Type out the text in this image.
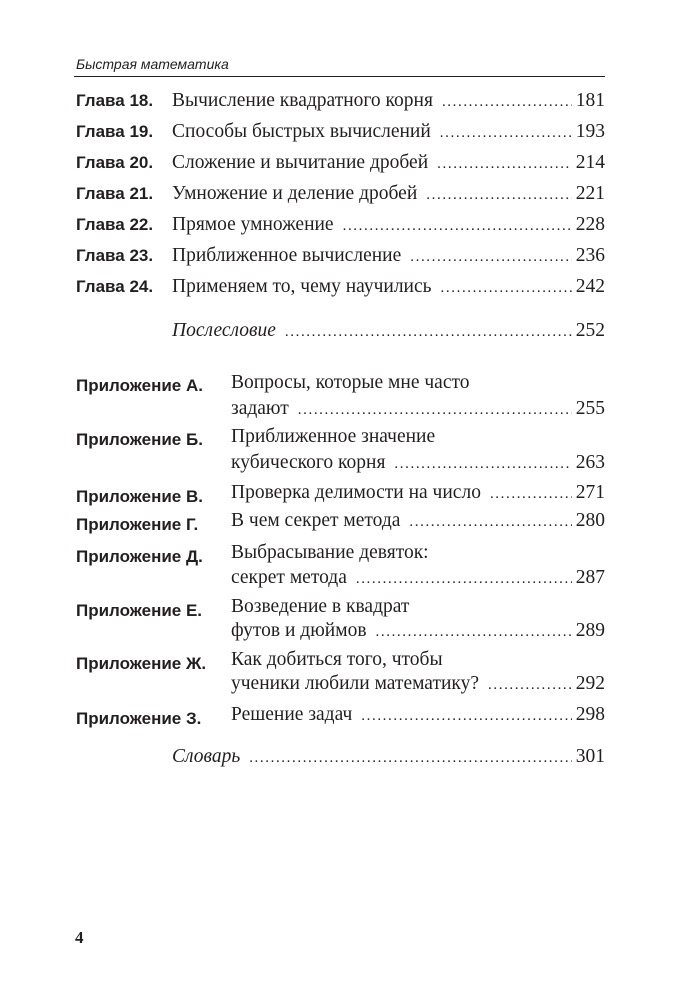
Быстрая математика
Глава 18. Вычисление квадратного корня .....	181
Глава 19. Способы быстрых вычислений .....	193
Глава 20. Сложение и вычитание дробей .....	214
Глава 21. Умножение и деление дробей .....	221
Глава 22. Прямое умножение .....	228
Глава 23. Приближенное вычисление .....	236
Глава 24. Применяем то, чему научились .....	242
Послесловие .....	252
Приложение А. Вопросы, которые мне часто
задают .....	255
Приложение Б. Приближенное значение
кубического корня .....	263
Приложение В. Проверка делимости на число .....	271
Приложение Г. В чем секрет метода .....	280
Приложение Д. Выбрасывание девяток:
секрет метода .....	287
Приложение Е. Возведение в квадрат
футов и дюймов .....	289
Приложение Ж. Как добиться того, чтобы
ученики любили математику? .....	292
Приложение З. Решение задач .....	298
Словарь .....	301
4
